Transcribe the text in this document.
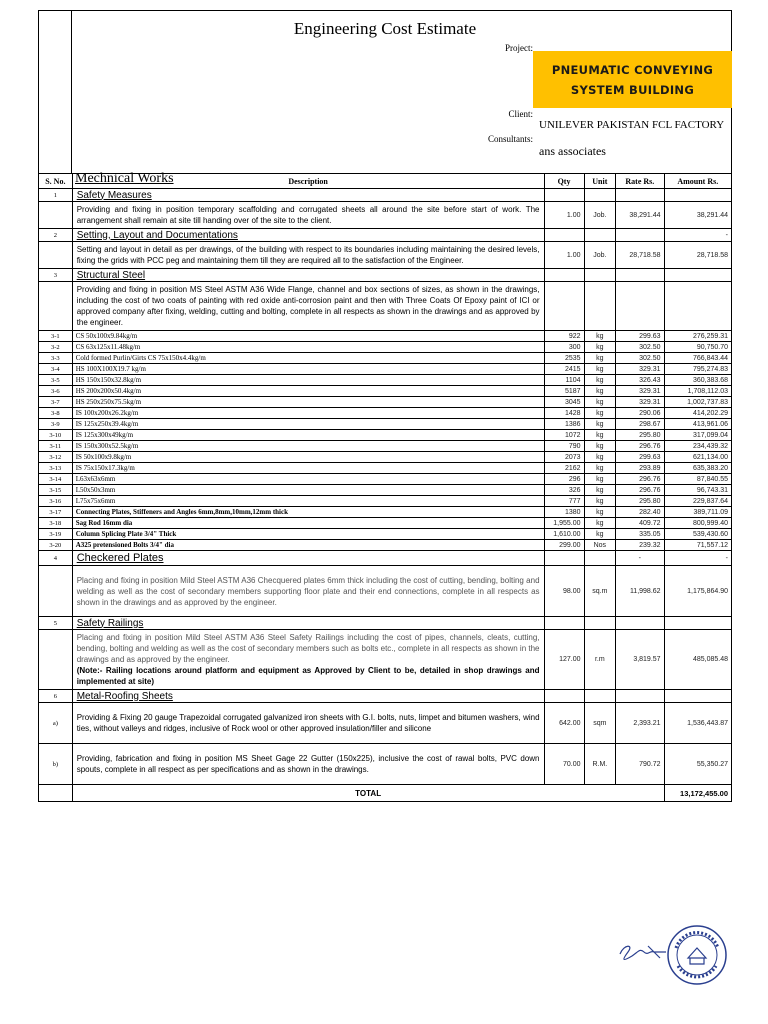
Engineering Cost Estimate
Project:
PNEUMATIC CONVEYING
SYSTEM BUILDING
Client:
UNILEVER PAKISTAN FCL FACTORY
Consultants:
ans associates
Mechnical Works
S. No.	Description	Qty	Unit	Rate Rs.	Amount Rs.
1	Safety Measures				
	Providing and fixing in position temporary scaffolding and corrugated sheets all around the site before start of work. The arrangement shall remain at site till handing over of the site to the client.	1.00	Job.	38,291.44	38,291.44
2	Setting, Layout and Documentations				-
	Setting and layout in detail as per drawings, of the building with respect to its boundaries including maintaining the desired levels, fixing the grids with PCC peg and maintaining them till they are required all to the satisfaction of the Engineer.	1.00	Job.	28,718.58	28,718.58
3	Structural Steel				
	Providing and fixing in position MS Steel ASTM A36 Wide Flange, channel and box sections of sizes, as shown in the drawings, including the cost of two coats of painting with red oxide anti-corrosion paint and then with Three Coats Of Epoxy paint of ICI or approved company after fixing, welding, cutting and bolting, complete in all respects as shown in the drawings and as approved by the engineer.				
3-1	CS 50x100x9.84kg/m	922	kg	299.63	276,259.31
3-2	CS 63x125x11.48kg/m	300	kg	302.50	90,750.70
3-3	Cold formed Purlin/Girts CS 75x150x4.4kg/m	2535	kg	302.50	766,843.44
3-4	HS 100X100X19.7 kg/m	2415	kg	329.31	795,274.83
3-5	HS 150x150x32.8kg/m	1104	kg	326.43	360,383.68
3-6	HS 200x200x50.4kg/m	5187	kg	329.31	1,708,112.03
3-7	HS 250x250x75.5kg/m	3045	kg	329.31	1,002,737.83
3-8	IS 100x200x26.2kg/m	1428	kg	290.06	414,202.29
3-9	IS 125x250x39.4kg/m	1386	kg	298.67	413,961.06
3-10	IS 125x300x49kg/m	1072	kg	295.80	317,099.04
3-11	IS 150x300x52.5kg/m	790	kg	296.76	234,439.32
3-12	IS 50x100x9.8kg/m	2073	kg	299.63	621,134.00
3-13	IS 75x150x17.3kg/m	2162	kg	293.89	635,383.20
3-14	L63x63x6mm	296	kg	296.76	87,840.55
3-15	L50x50x3mm	326	kg	296.76	96,743.31
3-16	L75x75x6mm	777	kg	295.80	229,837.64
3-17	Connecting Plates, Stiffeners and Angles 6mm,8mm,10mm,12mm thick	1380	kg	282.40	389,711.09
3-18	Sag Rod 16mm dia	1,955.00	kg	409.72	800,999.40
3-19	Column Splicing Plate 3/4" Thick	1,610.00	kg	335.05	539,430.60
3-20	A325 pretensioned Bolts 3/4" dia	299.00	Nos	239.32	71,557.12
4	Checkered Plates			-	-
	Placing and fixing in position Mild Steel ASTM A36 Checquered plates 6mm thick including the cost of cutting, bending, bolting and welding as well as the cost of secondary members supporting floor plate and their end connections, complete in all respects as shown in the drawings and as approved by the engineer.	98.00	sq.m	11,998.62	1,175,864.90
5	Safety Railings				
	Placing and fixing in position Mild Steel ASTM A36 Steel Safety Railings including the cost of pipes, channels, cleats, cutting, bending, bolting and welding as well as the cost of secondary members such as bolts etc., complete in all respects as shown in the drawings and as approved by the engineer.
(Note:- Railing locations around platform and equipment as Approved by Client to be, detailed in shop drawings and implemented at site)	127.00	r.m	3,819.57	485,085.48
6	Metal-Roofing Sheets				
a)	Providing & Fixing 20 gauge Trapezoidal corrugated galvanized iron sheets with G.I. bolts, nuts, limpet and bitumen washers, wind ties, without valleys and ridges, inclusive of Rock wool or other approved insulation/filler and silicone	642.00	sqm	2,393.21	1,536,443.87
b)	Providing, fabrication and fixing in position MS Sheet Gage 22 Gutter (150x225), inclusive the cost of rawal bolts, PVC down spouts, complete in all respect as per specifications and as shown in the drawings.	70.00	R.M.	790.72	55,350.27
	TOTAL				13,172,455.00
